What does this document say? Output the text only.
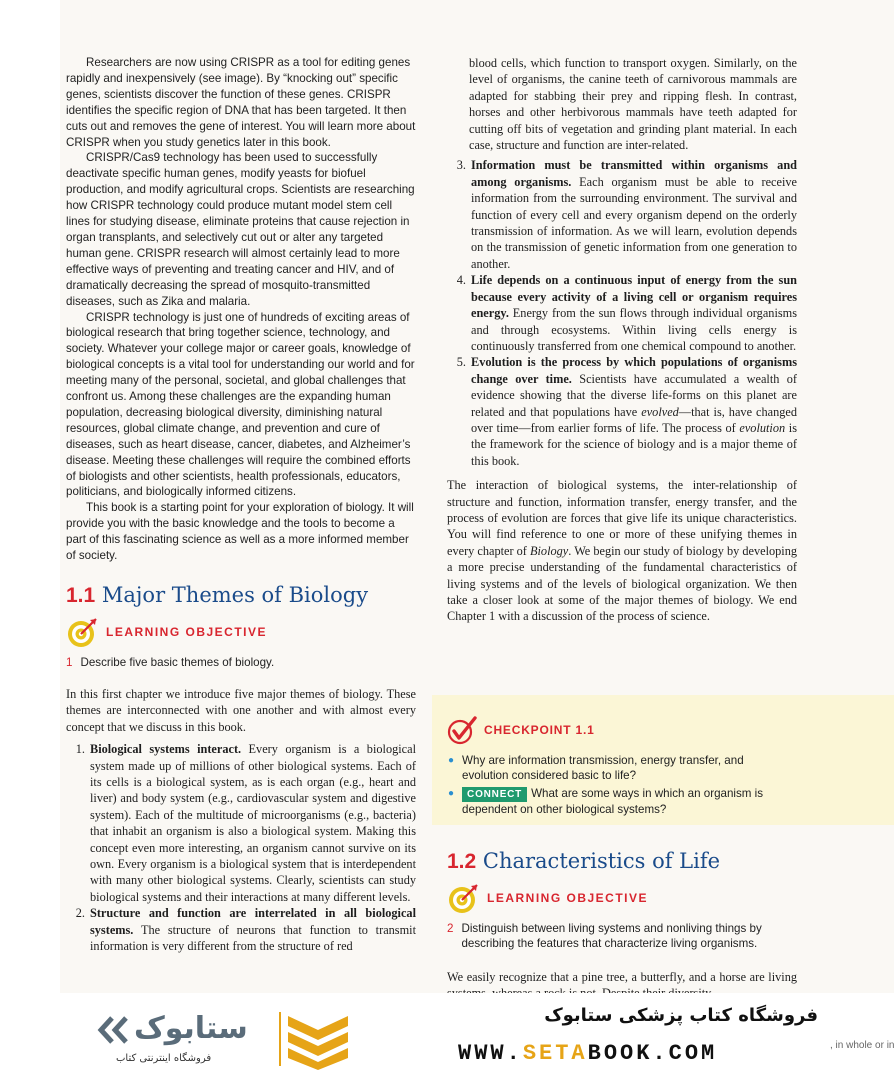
Researchers are now using CRISPR as a tool for editing genes rapidly and inexpensively (see image). By “knocking out” specific genes, scientists discover the function of these genes. CRISPR identifies the specific region of DNA that has been targeted. It then cuts out and removes the gene of interest. You will learn more about CRISPR when you study genetics later in this book.

CRISPR/Cas9 technology has been used to successfully deactivate specific human genes, modify yeasts for biofuel production, and modify agricultural crops. Scientists are researching how CRISPR technology could produce mutant model stem cell lines for studying disease, eliminate proteins that cause rejection in organ transplants, and selectively cut out or alter any targeted human gene. CRISPR research will almost certainly lead to more effective ways of preventing and treating cancer and HIV, and of dramatically decreasing the spread of mosquito-transmitted diseases, such as Zika and malaria.

CRISPR technology is just one of hundreds of exciting areas of biological research that bring together science, technology, and society. Whatever your college major or career goals, knowledge of biological concepts is a vital tool for understanding our world and for meeting many of the personal, societal, and global challenges that confront us. Among these challenges are the expanding human population, decreasing biological diversity, diminishing natural resources, global climate change, and prevention and cure of diseases, such as heart disease, cancer, diabetes, and Alzheimer’s disease. Meeting these challenges will require the combined efforts of biologists and other scientists, health professionals, educators, politicians, and biologically informed citizens.

This book is a starting point for your exploration of biology. It will provide you with the basic knowledge and the tools to become a part of this fascinating science as well as a more informed member of society.

1.1 Major Themes of Biology
LEARNING OBJECTIVE
1 Describe five basic themes of biology.

In this first chapter we introduce five major themes of biology. These themes are interconnected with one another and with almost every concept that we discuss in this book.

1. Biological systems interact. Every organism is a biological system made up of millions of other biological systems. Each of its cells is a biological system, as is each organ (e.g., heart and liver) and body system (e.g., cardiovascular system and digestive system). Each of the multitude of microorganisms (e.g., bacteria) that inhabit an organism is also a biological system. Making this concept even more interesting, an organism cannot survive on its own. Every organism is a biological system that is interdependent with many other biological systems. Clearly, scientists can study biological systems and their interactions at many different levels.
2. Structure and function are interrelated in all biological systems. The structure of neurons that function to transmit information is very different from the structure of red

blood cells, which function to transport oxygen. Similarly, on the level of organisms, the canine teeth of carnivorous mammals are adapted for stabbing their prey and ripping flesh. In contrast, horses and other herbivorous mammals have teeth adapted for cutting off bits of vegetation and grinding plant material. In each case, structure and function are inter-related.

3. Information must be transmitted within organisms and among organisms. Each organism must be able to receive information from the surrounding environment. The survival and function of every cell and every organism depend on the orderly transmission of information. As we will learn, evolution depends on the transmission of genetic information from one generation to another.
4. Life depends on a continuous input of energy from the sun because every activity of a living cell or organism requires energy. Energy from the sun flows through individual organisms and through ecosystems. Within living cells energy is continuously transferred from one chemical compound to another.
5. Evolution is the process by which populations of organisms change over time. Scientists have accumulated a wealth of evidence showing that the diverse life-forms on this planet are related and that populations have evolved—that is, have changed over time—from earlier forms of life. The process of evolution is the framework for the science of biology and is a major theme of this book.

The interaction of biological systems, the inter-relationship of structure and function, information transfer, energy transfer, and the process of evolution are forces that give life its unique characteristics. You will find reference to one or more of these unifying themes in every chapter of Biology. We begin our study of biology by developing a more precise understanding of the fundamental characteristics of living systems and of the levels of biological organization. We then take a closer look at some of the major themes of biology. We end Chapter 1 with a discussion of the process of science.

CHECKPOINT 1.1
● Why are information transmission, energy transfer, and evolution considered basic to life?
●	CONNECT What are some ways in which an organism is dependent on other biological systems?
1.2 Characteristics of Life
LEARNING OBJECTIVE
2 Distinguish between living systems and nonliving things by describing the features that characterize living organisms.

We easily recognize that a pine tree, a butterfly, and a horse are living

ستابوک
فروشگاه اینترنتی کتاب
فروشگاه کتاب پزشکی ستابوک
WWW.SETABOOK.COM	, in whole or in
